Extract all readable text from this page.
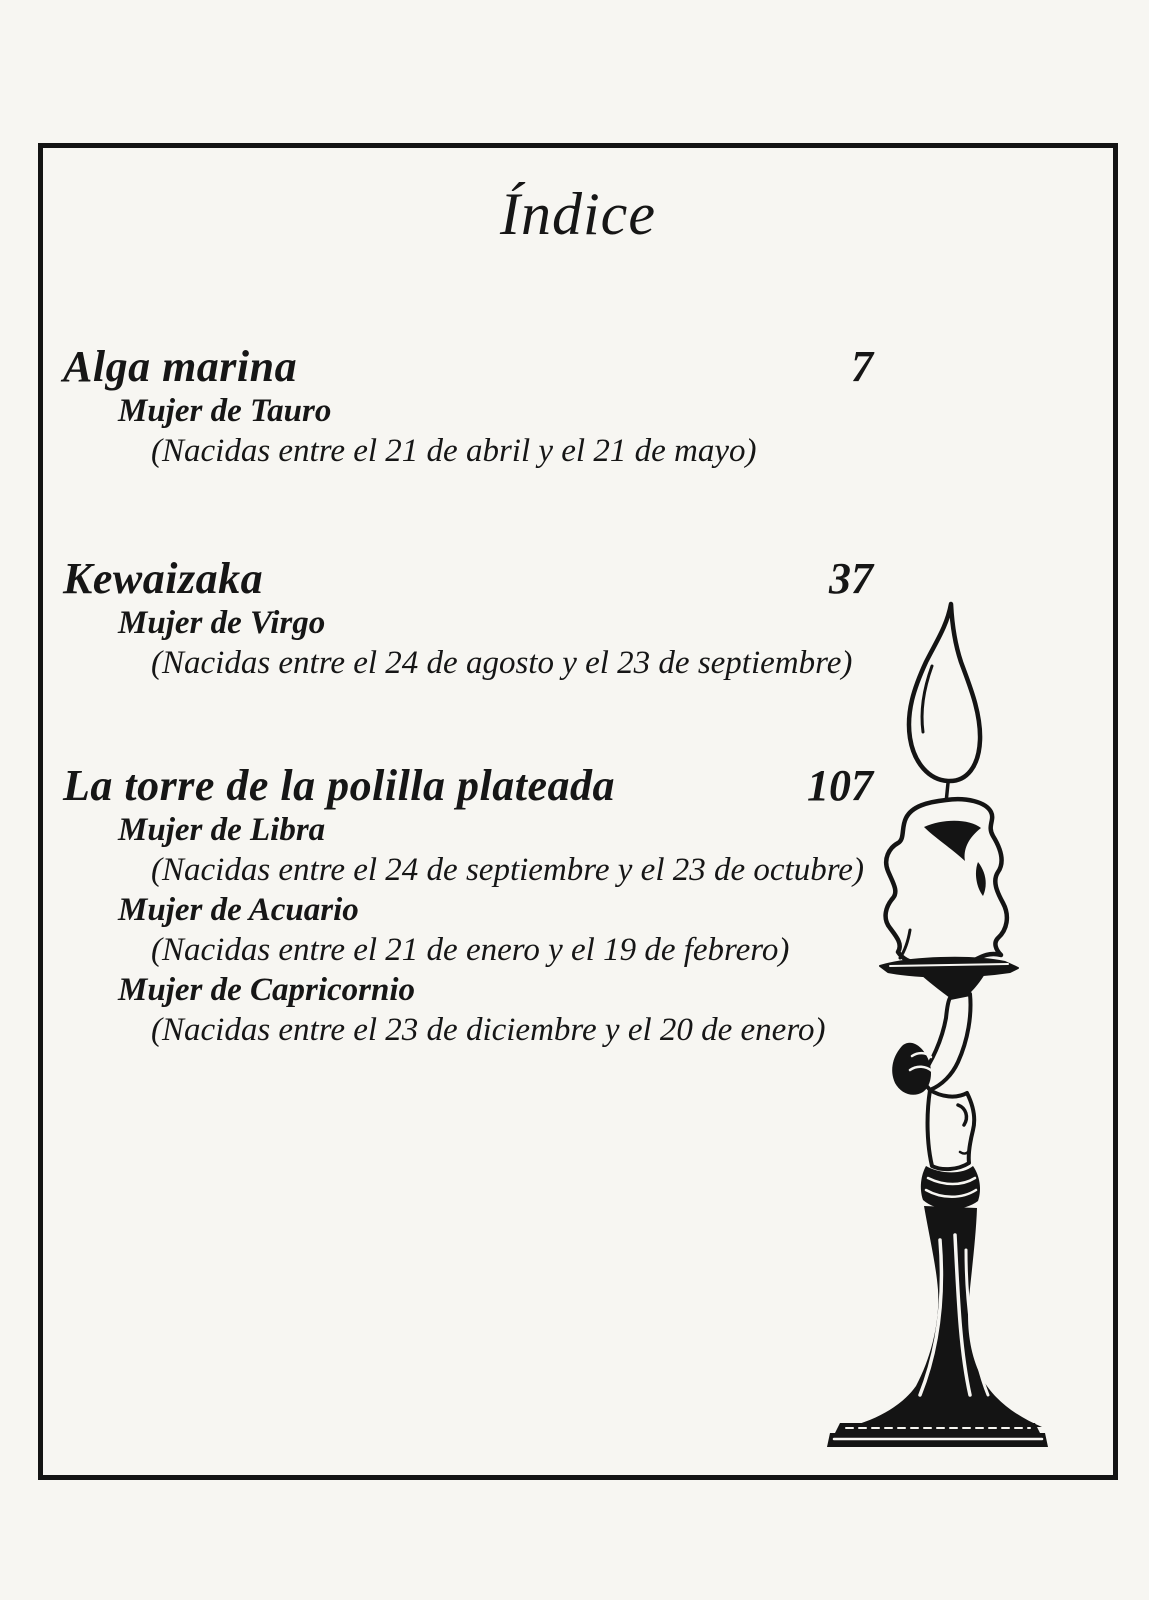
Índice
Alga marina	7
Mujer de Tauro
(Nacidas entre el 21 de abril y el 21 de mayo)
Kewaizaka	37
Mujer de Virgo
(Nacidas entre el 24 de agosto y el 23 de septiembre)
La torre de la polilla plateada	107
Mujer de Libra
(Nacidas entre el 24 de septiembre y el 23 de octubre)
Mujer de Acuario
(Nacidas entre el 21 de enero y el 19 de febrero)
Mujer de Capricornio
(Nacidas entre el 23 de diciembre y el 20 de enero)
